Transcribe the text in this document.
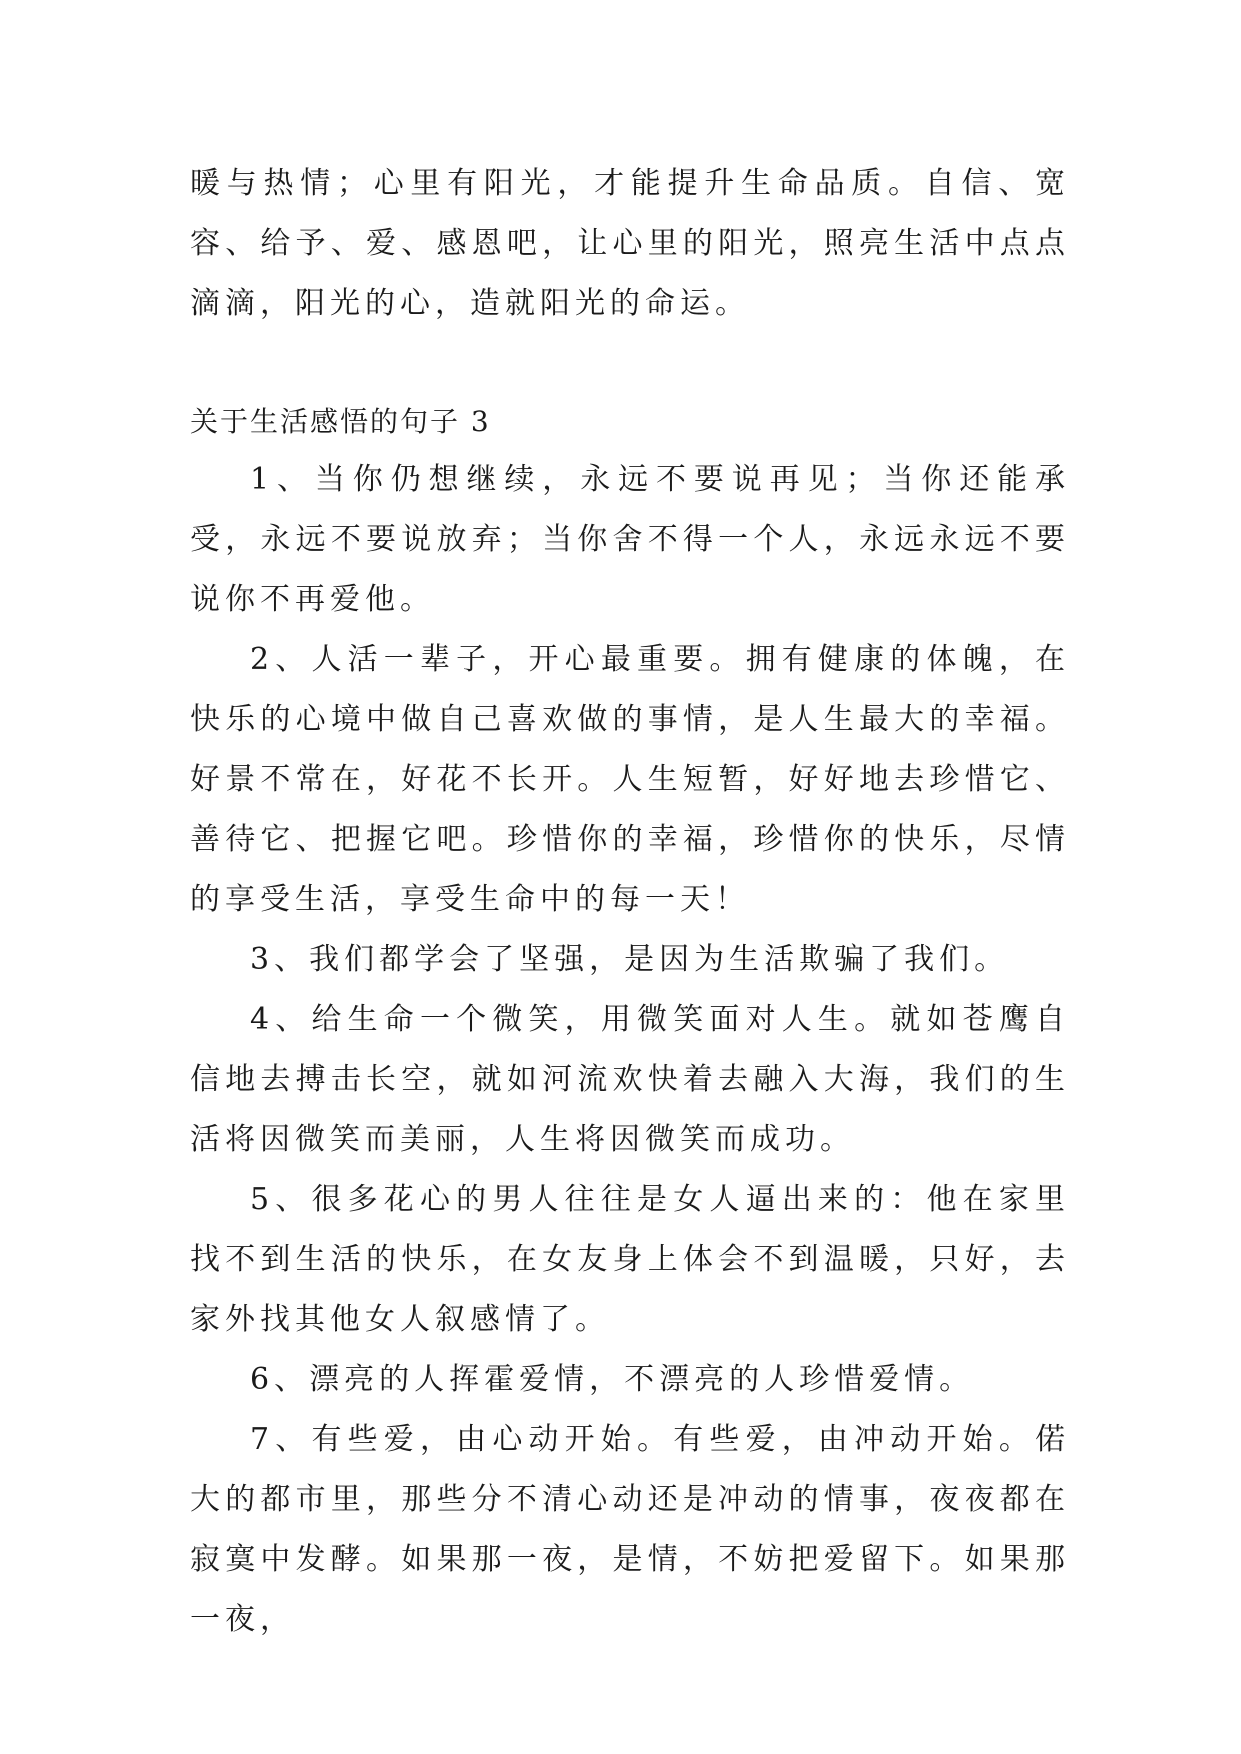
暖与热情；心里有阳光，才能提升生命品质。自信、宽容、给予、爱、感恩吧，让心里的阳光，照亮生活中点点滴滴，阳光的心，造就阳光的命运。

关于生活感悟的句子 3

1、当你仍想继续，永远不要说再见；当你还能承受，永远不要说放弃；当你舍不得一个人，永远永远不要说你不再爱他。

2、人活一辈子，开心最重要。拥有健康的体魄，在快乐的心境中做自己喜欢做的事情，是人生最大的幸福。好景不常在，好花不长开。人生短暂，好好地去珍惜它、善待它、把握它吧。珍惜你的幸福，珍惜你的快乐，尽情的享受生活，享受生命中的每一天！

3、我们都学会了坚强，是因为生活欺骗了我们。

4、给生命一个微笑，用微笑面对人生。就如苍鹰自信地去搏击长空，就如河流欢快着去融入大海，我们的生活将因微笑而美丽，人生将因微笑而成功。

5、很多花心的男人往往是女人逼出来的：他在家里找不到生活的快乐，在女友身上体会不到温暖，只好，去家外找其他女人叙感情了。

6、漂亮的人挥霍爱情，不漂亮的人珍惜爱情。

7、有些爱，由心动开始。有些爱，由冲动开始。偌大的都市里，那些分不清心动还是冲动的情事，夜夜都在寂寞中发酵。如果那一夜，是情，不妨把爱留下。如果那一夜，
